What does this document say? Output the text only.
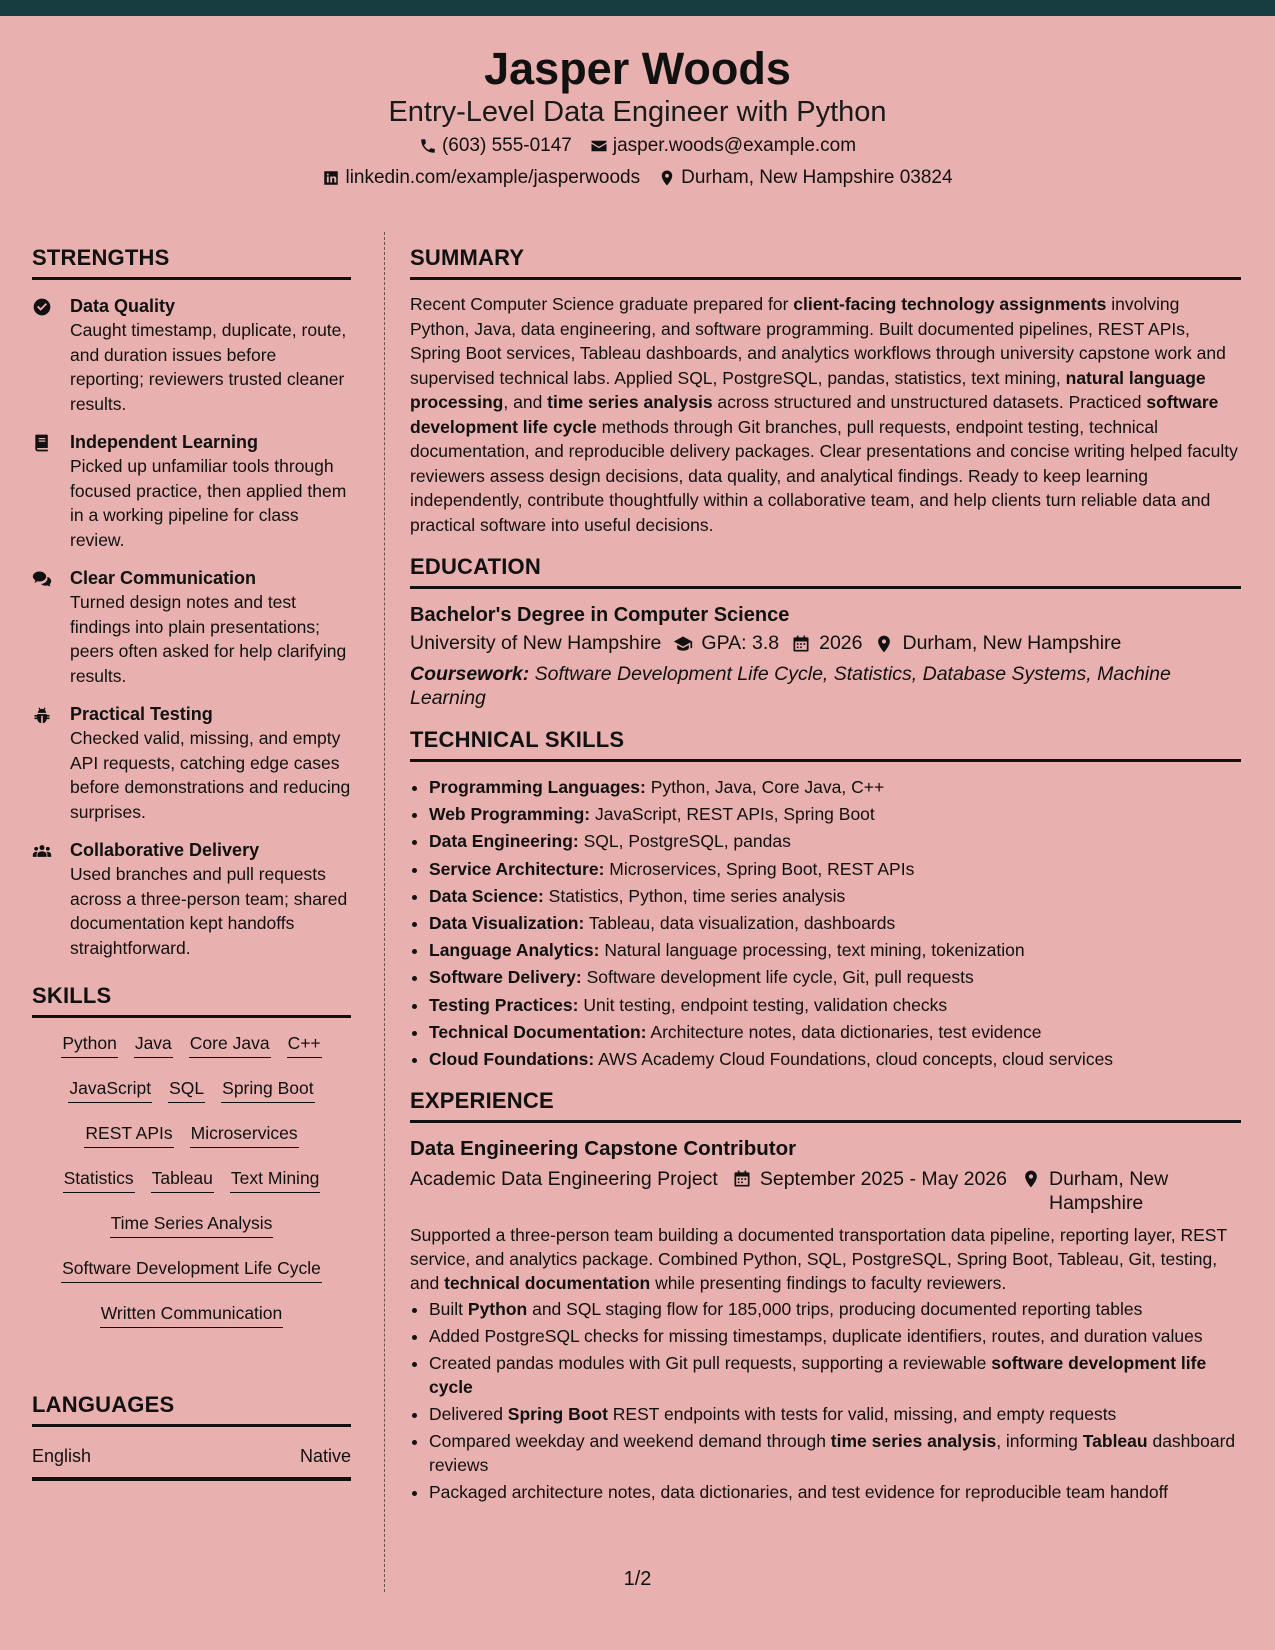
Jasper Woods
Entry-Level Data Engineer with Python
(603) 555-0147 jasper.woods@example.com
linkedin.com/example/jasperwoods Durham, New Hampshire 03824
STRENGTHS
Data Quality
Caught timestamp, duplicate, route, and duration issues before reporting; reviewers trusted cleaner results.
Independent Learning
Picked up unfamiliar tools through focused practice, then applied them in a working pipeline for class review.
Clear Communication
Turned design notes and test findings into plain presentations; peers often asked for help clarifying results.
Practical Testing
Checked valid, missing, and empty API requests, catching edge cases before demonstrations and reducing surprises.
Collaborative Delivery
Used branches and pull requests across a three-person team; shared documentation kept handoffs straightforward.
SKILLS
Python Java Core Java C++
JavaScript SQL Spring Boot
REST APIs Microservices
Statistics Tableau Text Mining
Time Series Analysis
Software Development Life Cycle
Written Communication
LANGUAGES
English	Native
SUMMARY

Recent Computer Science graduate prepared for client-facing technology assignments involving Python, Java, data engineering, and software programming. Built documented pipelines, REST APIs, Spring Boot services, Tableau dashboards, and analytics workflows through university capstone work and supervised technical labs. Applied SQL, PostgreSQL, pandas, statistics, text mining, natural language processing, and time series analysis across structured and unstructured datasets. Practiced software development life cycle methods through Git branches, pull requests, endpoint testing, technical documentation, and reproducible delivery packages. Clear presentations and concise writing helped faculty reviewers assess design decisions, data quality, and analytical findings. Ready to keep learning independently, contribute thoughtfully within a collaborative team, and help clients turn reliable data and practical software into useful decisions.

EDUCATION
Bachelor's Degree in Computer Science
University of New Hampshire GPA: 3.8 2026 Durham, New Hampshire
Coursework: Software Development Life Cycle, Statistics, Database Systems, Machine Learning
TECHNICAL SKILLS
• Programming Languages: Python, Java, Core Java, C++
• Web Programming: JavaScript, REST APIs, Spring Boot
• Data Engineering: SQL, PostgreSQL, pandas
• Service Architecture: Microservices, Spring Boot, REST APIs
• Data Science: Statistics, Python, time series analysis
• Data Visualization: Tableau, data visualization, dashboards
• Language Analytics: Natural language processing, text mining, tokenization
• Software Delivery: Software development life cycle, Git, pull requests
• Testing Practices: Unit testing, endpoint testing, validation checks
• Technical Documentation: Architecture notes, data dictionaries, test evidence
• Cloud Foundations: AWS Academy Cloud Foundations, cloud concepts, cloud services
EXPERIENCE
Data Engineering Capstone Contributor
Academic Data Engineering Project September 2025 - May 2026 Durham, New Hampshire

Supported a three-person team building a documented transportation data pipeline, reporting layer, REST service, and analytics package. Combined Python, SQL, PostgreSQL, Spring Boot, Tableau, Git, testing, and technical documentation while presenting findings to faculty reviewers.

• Built Python and SQL staging flow for 185,000 trips, producing documented reporting tables
• Added PostgreSQL checks for missing timestamps, duplicate identifiers, routes, and duration values
• Created pandas modules with Git pull requests, supporting a reviewable software development life cycle
• Delivered Spring Boot REST endpoints with tests for valid, missing, and empty requests
• Compared weekday and weekend demand through time series analysis, informing Tableau dashboard reviews
• Packaged architecture notes, data dictionaries, and test evidence for reproducible team handoff
1/2
